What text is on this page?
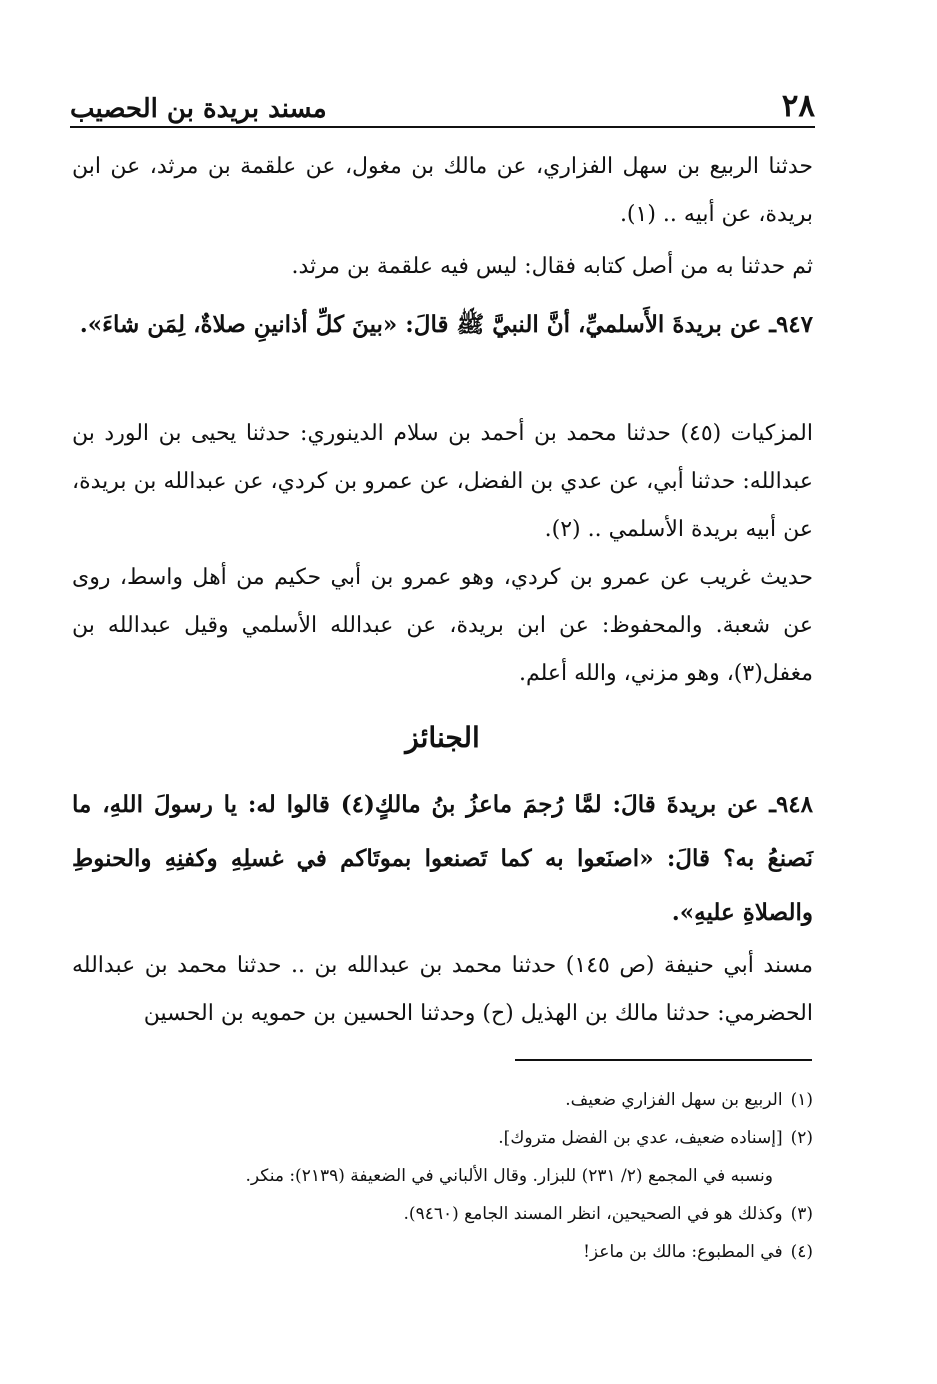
٢٨
مسند بريدة بن الحصيب
حدثنا الربيع بن سهل الفزاري، عن مالك بن مغول، عن علقمة بن مرثد، عن ابن بريدة، عن أبيه .. (١).
ثم حدثنا به من أصل كتابه فقال: ليس فيه علقمة بن مرثد.
٩٤٧ـ عن بريدةَ الأَسلميِّ، أنَّ النبيَّ ﷺ قالَ: «بينَ كلِّ أذانينِ صلاةٌ، لِمَن شاءَ».
المزكيات (٤٥) حدثنا محمد بن أحمد بن سلام الدينوري: حدثنا يحيى بن الورد بن عبدالله: حدثنا أبي، عن عدي بن الفضل، عن عمرو بن كردي، عن عبدالله بن بريدة، عن أبيه بريدة الأسلمي .. (٢).
حديث غريب عن عمرو بن كردي، وهو عمرو بن أبي حكيم من أهل واسط، روى عن شعبة. والمحفوظ: عن ابن بريدة، عن عبدالله الأسلمي وقيل عبدالله بن مغفل(٣)، وهو مزني، والله أعلم.
الجنائز
٩٤٨ـ عن بريدةَ قالَ: لمَّا رُجمَ ماعزُ بنُ مالكٍ(٤) قالوا له: يا رسولَ اللهِ، ما نَصنعُ به؟ قالَ: «اصنَعوا به كما تَصنعوا بموتَاكم في غسلِهِ وكفنِهِ والحنوطِ والصلاةِ عليهِ».
مسند أبي حنيفة (ص ١٤٥) حدثنا محمد بن عبدالله بن .. حدثنا محمد بن عبدالله الحضرمي: حدثنا مالك بن الهذيل (ح) وحدثنا الحسين بن حمويه بن الحسين
(١)الربيع بن سهل الفزاري ضعيف.
(٢)[إسناده ضعيف، عدي بن الفضل متروك].
ونسبه في المجمع (٢/ ٢٣١) للبزار. وقال الألباني في الضعيفة (٢١٣٩): منكر.
(٣)وكذلك هو في الصحيحين، انظر المسند الجامع (٩٤٦٠).
(٤)في المطبوع: مالك بن ماعز!
